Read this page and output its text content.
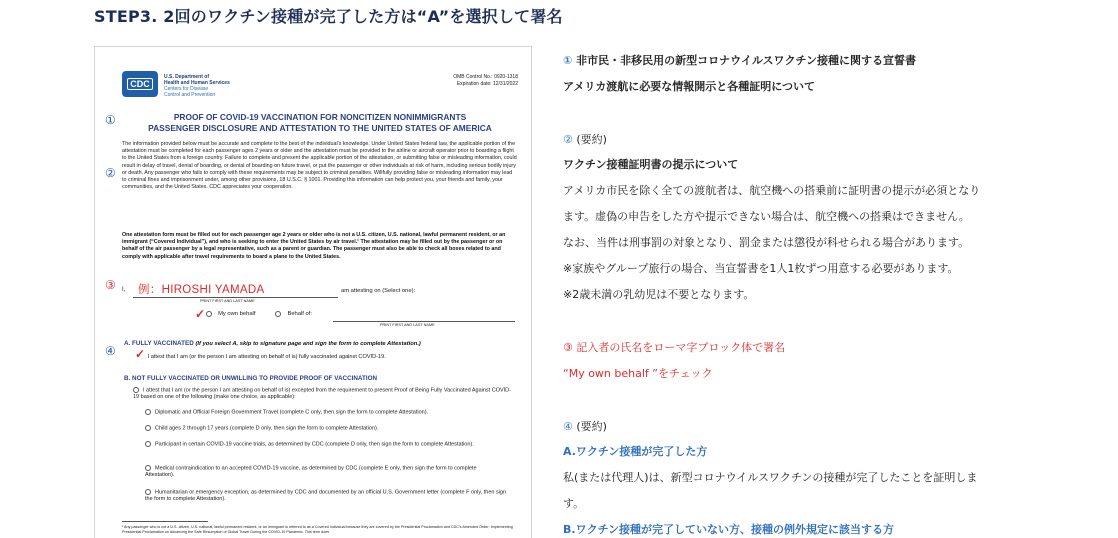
STEP3. 2回のワクチン接種が完了した方は“A”を選択して署名
CDC
U.S. Department of
Health and Human Services
Centers for Disease
Control and Prevention
OMB Control No.: 0920-1318
Expiration date: 12/31/2022
①
②
③
④
PROOF OF COVID-19 VACCINATION FOR NONCITIZEN NONIMMIGRANTS
PASSENGER DISCLOSURE AND ATTESTATION TO THE UNITED STATES OF AMERICA
The information provided below must be accurate and complete to the best of the individual's knowledge. Under United States federal law, the applicable portion of the attestation must be completed for each passenger ages 2 years or older and the attestation must be provided to the airline or aircraft operator prior to boarding a flight to the United States from a foreign country. Failure to complete and present the applicable portion of the attestation, or submitting false or misleading information, could result in delay of travel, denial of boarding, or denial of boarding on future travel, or put the passenger or other individuals at risk of harm, including serious bodily injury or death. Any passenger who fails to comply with these requirements may be subject to criminal penalties. Willfully providing false or misleading information may lead to criminal fines and imprisonment under, among other provisions, 18 U.S.C. § 1001. Providing this information can help protect you, your friends and family, your communities, and the United States. CDC appreciates your cooperation.
One attestation form must be filled out for each passenger age 2 years or older who is not a U.S. citizen, U.S. national, lawful permanent resident, or an immigrant (“Covered Individual”), and who is seeking to enter the United States by air travel.¹ The attestation may be filled out by the passenger or on behalf of the air passenger by a legal representative, such as a parent or guardian. The passenger must also be able to check all boxes related to and comply with applicable after travel requirements to board a plane to the United States.
I, 例：HIROSHI YAMADA
PRINT FIRST AND LAST NAME
am attesting on (Select one):
✓ My own behalf	Behalf of:
PRINT FIRST AND LAST NAME
A. FULLY VACCINATED (If you select A, skip to signature page and sign the form to complete Attestation.)
✓ I attest that I am (or the person I am attesting on behalf of is) fully vaccinated against COVID-19.
B. NOT FULLY VACCINATED OR UNWILLING TO PROVIDE PROOF OF VACCINATION
I attest that I am (or the person I am attesting on behalf of is) excepted from the requirement to present Proof of Being Fully Vaccinated Against COVID-19 based on one of the following (make one choice, as applicable):
Diplomatic and Official Foreign Government Travel (complete C only, then sign the form to complete Attestation).
Child ages 2 through 17 years (complete D only, then sign the form to complete Attestation).
Participant in certain COVID-19 vaccine trials, as determined by CDC (complete D only, then sign the form to complete Attestation).
Medical contraindication to an accepted COVID-19 vaccine, as determined by CDC (complete E only, then sign the form to complete Attestation).
Humanitarian or emergency exception, as determined by CDC and documented by an official U.S. Government letter (complete F only, then sign the form to complete Attestation).
¹ Any passenger who is not a U.S. citizen, U.S. national, lawful permanent resident, or an immigrant is referred to as a Covered Individual because they are covered by the Presidential Proclamation and CDC's Amended Order: Implementing Presidential Proclamation on Advancing the Safe Resumption of Global Travel During the COVID-19 Pandemic. This term does
① 非市民・非移民用の新型コロナウイルスワクチン接種に関する宣誓書
アメリカ渡航に必要な情報開示と各種証明について
② (要約)
ワクチン接種証明書の提示について
アメリカ市民を除く全ての渡航者は、航空機への搭乗前に証明書の提示が必須となり
ます。虚偽の申告をした方や提示できない場合は、航空機への搭乗はできません。
なお、当件は刑事罰の対象となり、罰金または懲役が科せられる場合があります。
※家族やグループ旅行の場合、当宣誓書を1人1枚ずつ用意する必要があります。
※2歳未満の乳幼児は不要となります。
③ 記入者の氏名をローマ字ブロック体で署名
“My own behalf ”をチェック
④ (要約)
A.ワクチン接種が完了した方
私(または代理人)は、新型コロナウイルスワクチンの接種が完了したことを証明しま
す。
B.ワクチン接種が完了していない方、接種の例外規定に該当する方
